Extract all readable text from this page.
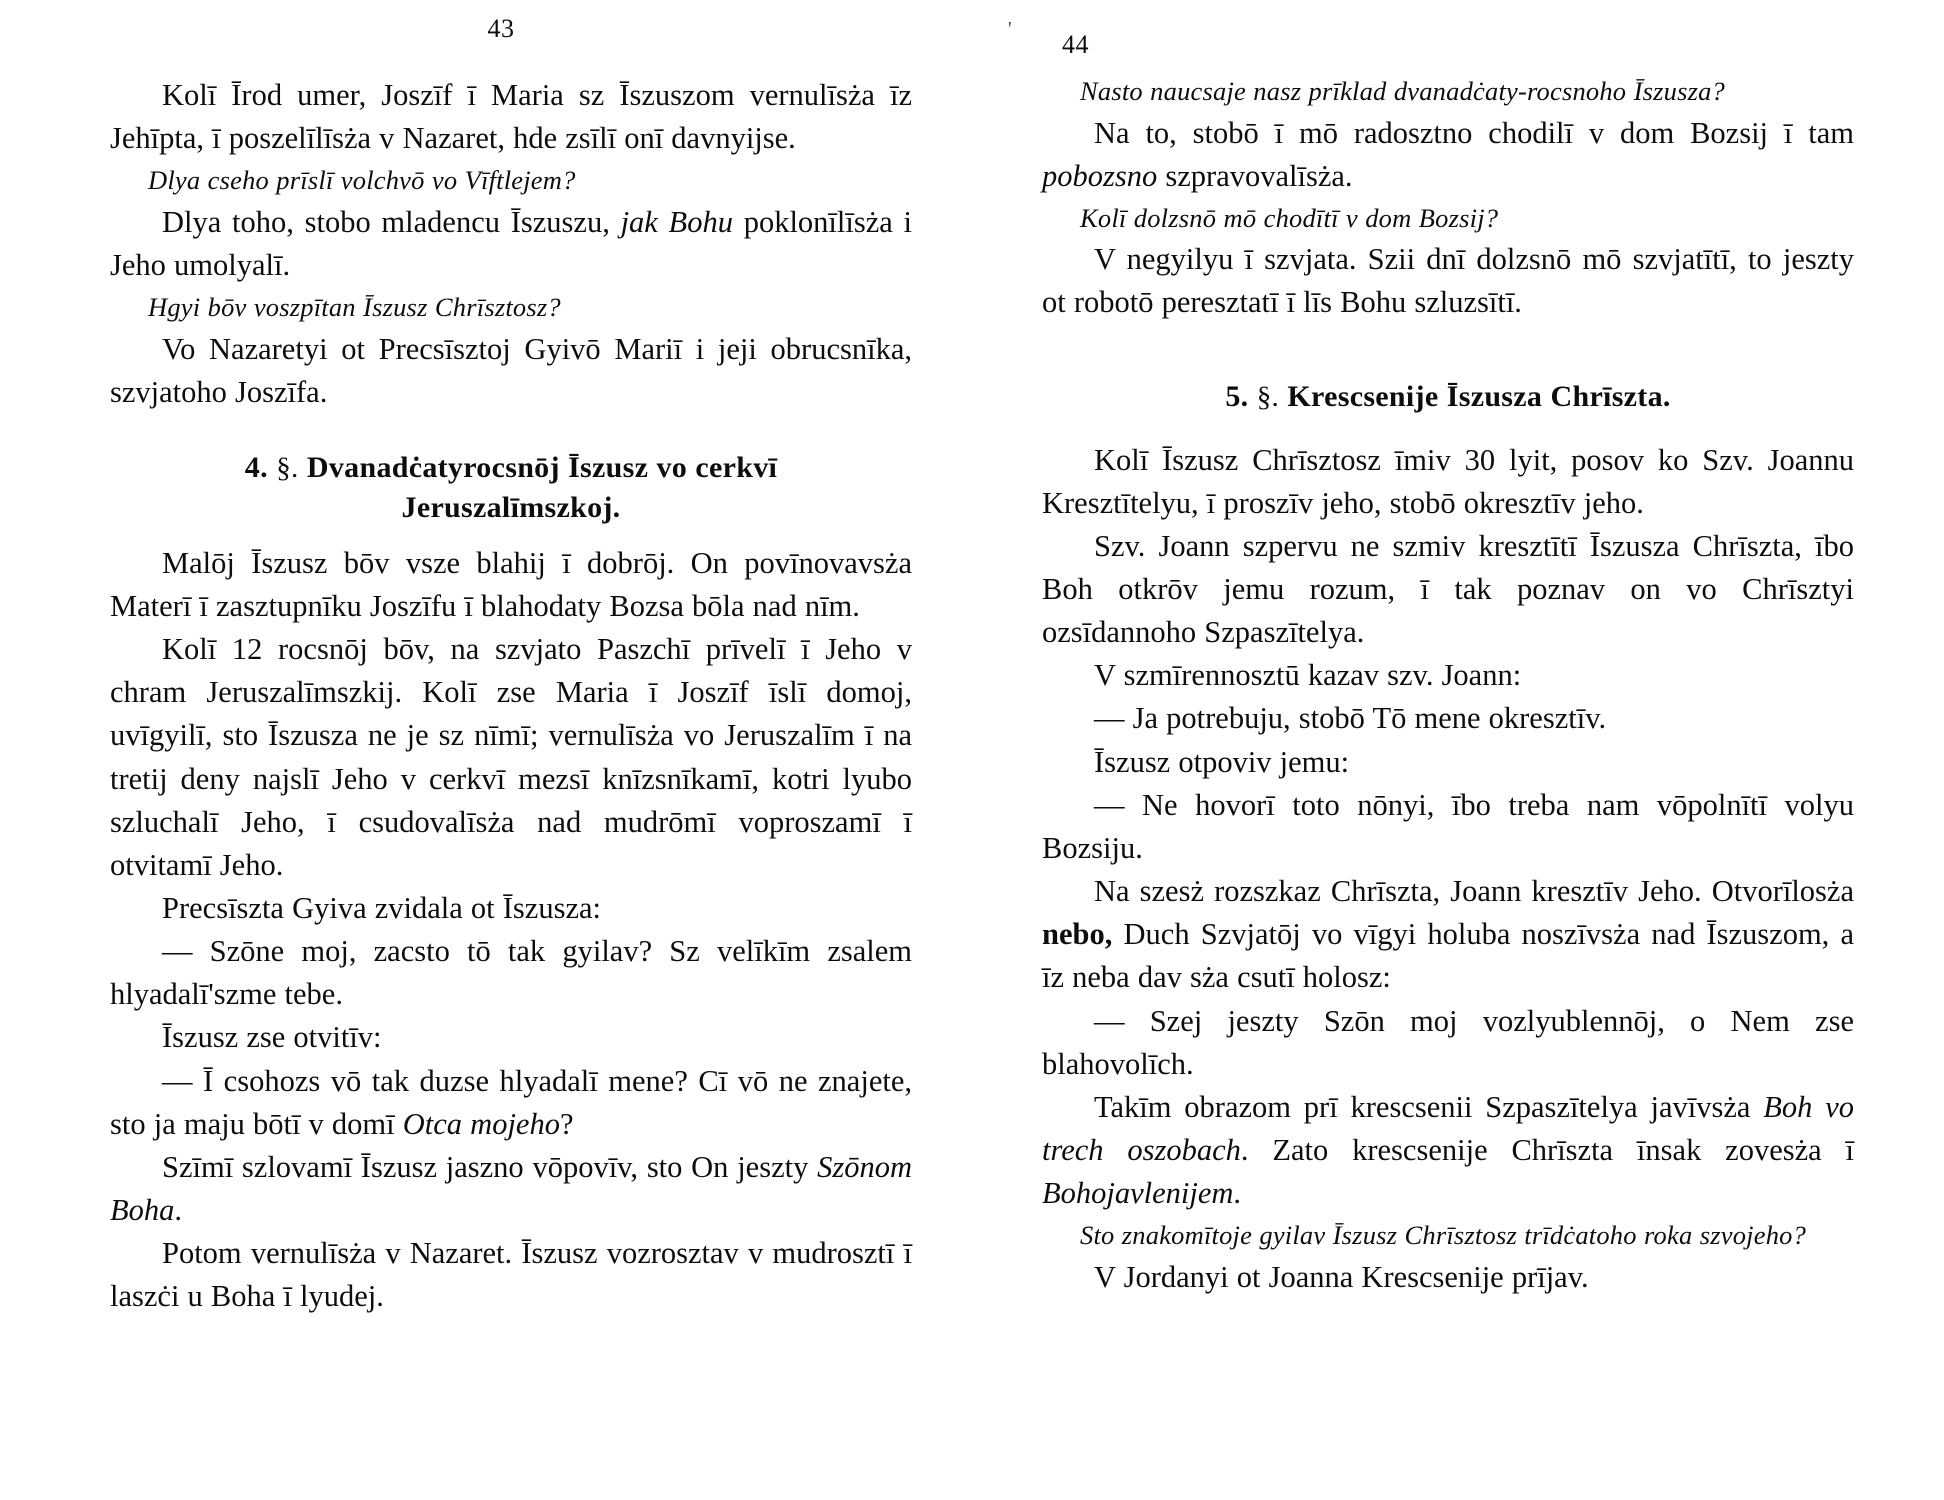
43

Kolī Īrod umer, Joszīf ī Maria sz Īszuszom vernulīsża īz Jehīpta, ī poszelīlīsża v Nazaret, hde zsīlī onī davnyijse.

Dlya cseho prīslī volchvō vo Vīftlejem?

Dlya toho, stobo mladencu Īszuszu, jak Bohu poklonīlīsża i Jeho umolyalī.

Hgyi bōv voszpītan Īszusz Chrīsztosz?

Vo Nazaretyi ot Precsīsztoj Gyivō Mariī i jeji obrucsnīka, szvjatoho Joszīfa.

4. §. Dvanadċatyrocsnōj Īszusz vo cerkvī
Jeruszalīmszkoj.

Malōj Īszusz bōv vsze blahij ī dobrōj. On povīnovavsża Materī ī zasztupnīku Joszīfu ī blahodaty Bozsa bōla nad nīm.

Kolī 12 rocsnōj bōv, na szvjato Paszchī prīvelī ī Jeho v chram Jeruszalīmszkij. Kolī zse Maria ī Joszīf īslī domoj, uvīgyilī, sto Īszusza ne je sz nīmī; vernulīsża vo Jeruszalīm ī na tretij deny najslī Jeho v cerkvī mezsī knīzsnīkamī, kotri lyubo szluchalī Jeho, ī csudovalīsża nad mudrōmī voproszamī ī otvitamī Jeho.

Precsīszta Gyiva zvidala ot Īszusza:

— Szōne moj, zacsto tō tak gyilav? Sz velīkīm zsalem hlyadalī'szme tebe.

Īszusz zse otvitīv:

— Ī csohozs vō tak duzse hlyadalī mene? Cī vō ne znajete, sto ja maju bōtī v domī Otca mojeho?

Szīmī szlovamī Īszusz jaszno vōpovīv, sto On jeszty Szōnom Boha.

Potom vernulīsża v Nazaret. Īszusz vozrosztav v mudrosztī ī laszċi u Boha ī lyudej.

'
44

Nasto naucsaje nasz prīklad dvanadċaty-rocsnoho Īszusza?

Na to, stobō ī mō radosztno chodilī v dom Bozsij ī tam pobozsno szpravovalīsża.

Kolī dolzsnō mō chodītī v dom Bozsij?

V negyilyu ī szvjata. Szii dnī dolzsnō mō szvjatītī, to jeszty ot robotō peresztatī ī līs Bohu szluzsītī.

5. §. Krescsenije Īszusza Chrīszta.

Kolī Īszusz Chrīsztosz īmiv 30 lyit, posov ko Szv. Joannu Kresztītelyu, ī proszīv jeho, stobō okresztīv jeho.

Szv. Joann szpervu ne szmiv kresztītī Īszusza Chrīszta, ībo Boh otkrōv jemu rozum, ī tak poznav on vo Chrīsztyi ozsīdannoho Szpaszītelya.

V szmīrennosztū kazav szv. Joann:

— Ja potrebuju, stobō Tō mene okresztīv.

Īszusz otpoviv jemu:

— Ne hovorī toto nōnyi, ībo treba nam vōpolnītī volyu Bozsiju.

Na szesż rozszkaz Chrīszta, Joann kresztīv Jeho. Otvorīlosża nebo, Duch Szvjatōj vo vīgyi holuba noszīvsża nad Īszuszom, a īz neba dav sża csutī holosz:

— Szej jeszty Szōn moj vozlyublennōj, o Nem zse blahovolīch.

Takīm obrazom prī krescsenii Szpaszītelya javīvsża Boh vo trech oszobach. Zato krescsenije Chrīszta īnsak zovesża ī Bohojavlenijem.

Sto znakomītoje gyilav Īszusz Chrīsztosz trīdċatoho roka szvojeho?

V Jordanyi ot Joanna Krescsenije prījav.
